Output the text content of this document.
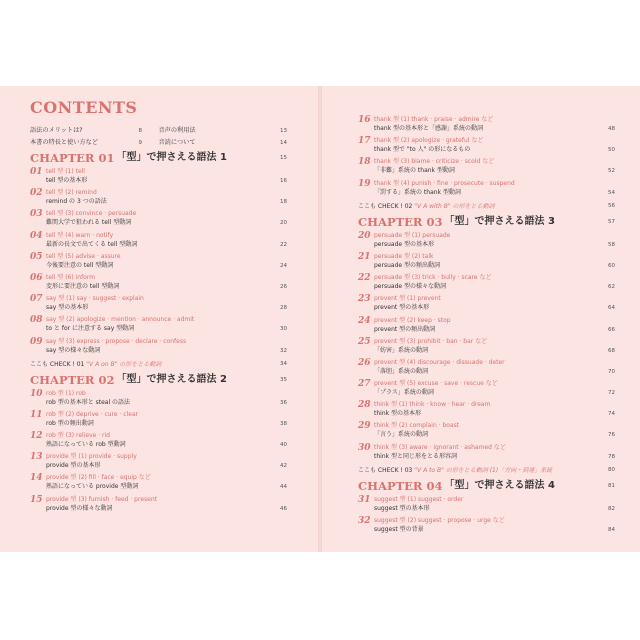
CONTENTS
語法のメリットは?	8	音声の利用法	13
本書の特長と使い方など	9	音読について	14
CHAPTER 01 「型」で押さえる語法 1	15
01 tell 型 (1) tell
tell 型の基本形	16
02 tell 型 (2) remind
remind の 3 つの語法	18
03 tell 型 (3) convince · persuade
難関大学で狙われる tell 型動詞	20
04 tell 型 (4) warn · notify
最新の長文で出てくる tell 型動詞	22
05 tell 型 (5) advise · assure
今後要注意の tell 型動詞	24
06 tell 型 (6) inform
変形に要注意の tell 型動詞	26
07 say 型 (1) say · suggest · explain
say 型の基本形	28
08 say 型 (2) apologize · mention · announce · admit
to と for に注意する say 型動詞	30
09 say 型 (3) express · propose · declare · confess
say 型の様々な動詞	32
ここも CHECK ! 01 "V A on B" の形をとる動詞	34
CHAPTER 02 「型」で押さえる語法 2	35
10 rob 型 (1) rob
rob 型の基本形と steal の語法	36
11 rob 型 (2) deprive · cure · clear
rob 型の頻出動詞	38
12 rob 型 (3) relieve · rid
熟語になっている rob 型動詞	40
13 provide 型 (1) provide · supply
provide 型の基本形	42
14 provide 型 (2) fill · face · equip など
熟語になっている provide 型動詞	44
15 provide 型 (3) furnish · feed · present
provide 型の様々な動詞	46
16 thank 型 (1) thank · praise · admire など
thank 型の基本形と「感謝」系統の動詞	48
17 thank 型 (2) apologize · grateful など
thank 型で "to 人" の形になるもの	50
18 thank 型 (3) blame · criticize · scold など
「非難」系統の thank 型動詞	52
19 thank 型 (4) punish · fine · prosecute · suspend
「罰する」系統の thank 型動詞	54
ここも CHECK ! 02 "V A with B" の形をとる動詞	56
CHAPTER 03 「型」で押さえる語法 3	57
20 persuade 型 (1) persuade
persuade 型の基本形	58
21 persuade 型 (2) talk
persuade 型の頻出動詞	60
22 persuade 型 (3) trick · bully · scare など
persuade 型の様々な動詞	62
23 prevent 型 (1) prevent
prevent 型の基本形	64
24 prevent 型 (2) keep · stop
prevent 型の頻出動詞	66
25 prevent 型 (3) prohibit · ban · bar など
「妨害」系統の動詞	68
26 prevent 型 (4) discourage · dissuade · deter
「落胆」系統の動詞	70
27 prevent 型 (5) excuse · save · rescue など
「プラス」系統の動詞	72
28 think 型 (1) think · know · hear · dream
think 型の基本形	74
29 think 型 (2) complain · boast
「言う」系統の動詞	76
30 think 型 (3) aware · ignorant · ashamed など
think 型と同じ形をとる形容詞	78
ここも CHECK ! 03 "V A to B" の形をとる動詞 (1)「方向・到達」系統	80
CHAPTER 04 「型」で押さえる語法 4	81
31 suggest 型 (1) suggest · order
suggest 型の基本形	82
32 suggest 型 (2) suggest · propose · urge など
suggest 型の背景	84
